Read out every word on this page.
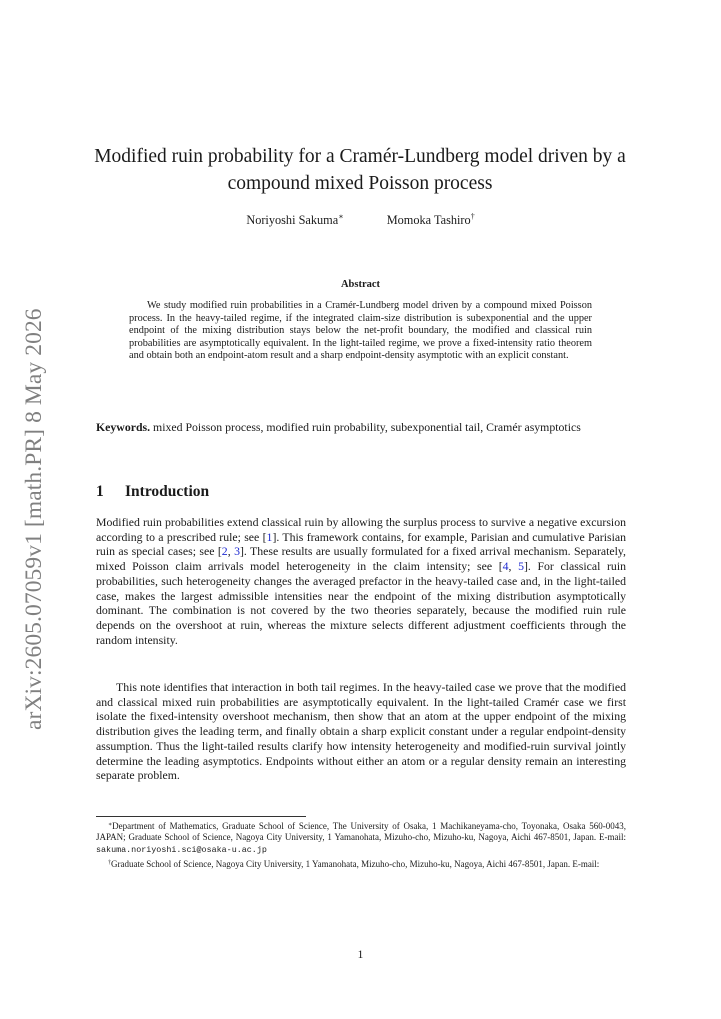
arXiv:2605.07059v1 [math.PR] 8 May 2026
Modified ruin probability for a Cramér-Lundberg model driven by a compound mixed Poisson process
Noriyoshi Sakuma∗	Momoka Tashiro†
Abstract

We study modified ruin probabilities in a Cramér-Lundberg model driven by a compound mixed Poisson process. In the heavy-tailed regime, if the integrated claim-size distribution is subexponential and the upper endpoint of the mixing distribution stays below the net-profit boundary, the modified and classical ruin probabilities are asymptotically equivalent. In the light-tailed regime, we prove a fixed-intensity ratio theorem and obtain both an endpoint-atom result and a sharp endpoint-density asymptotic with an explicit constant.

Keywords. mixed Poisson process, modified ruin probability, subexponential tail, Cramér asymptotics

1 Introduction

Modified ruin probabilities extend classical ruin by allowing the surplus process to survive a negative excursion according to a prescribed rule; see [1]. This framework contains, for example, Parisian and cumulative Parisian ruin as special cases; see [2, 3]. These results are usually formulated for a fixed arrival mechanism. Separately, mixed Poisson claim arrivals model heterogeneity in the claim intensity; see [4, 5]. For classical ruin probabilities, such heterogeneity changes the averaged prefactor in the heavy-tailed case and, in the light-tailed case, makes the largest admissible intensities near the endpoint of the mixing distribution asymptotically dominant. The combination is not covered by the two theories separately, because the modified ruin rule depends on the overshoot at ruin, whereas the mixture selects different adjustment coefficients through the random intensity.

This note identifies that interaction in both tail regimes. In the heavy-tailed case we prove that the modified and classical mixed ruin probabilities are asymptotically equivalent. In the light-tailed Cramér case we first isolate the fixed-intensity overshoot mechanism, then show that an atom at the upper endpoint of the mixing distribution gives the leading term, and finally obtain a sharp explicit constant under a regular endpoint-density assumption. Thus the light-tailed results clarify how intensity heterogeneity and modified-ruin survival jointly determine the leading asymptotics. Endpoints without either an atom or a regular density remain an interesting separate problem.

∗Department of Mathematics, Graduate School of Science, The University of Osaka, 1 Machikaneyama-cho, Toyonaka, Osaka 560-0043, JAPAN; Graduate School of Science, Nagoya City University, 1 Yamanohata, Mizuho-cho, Mizuho-ku, Nagoya, Aichi 467-8501, Japan. E-mail: sakuma.noriyoshi.sci@osaka-u.ac.jp

†Graduate School of Science, Nagoya City University, 1 Yamanohata, Mizuho-cho, Mizuho-ku, Nagoya, Aichi 467-8501, Japan. E-mail:

1
